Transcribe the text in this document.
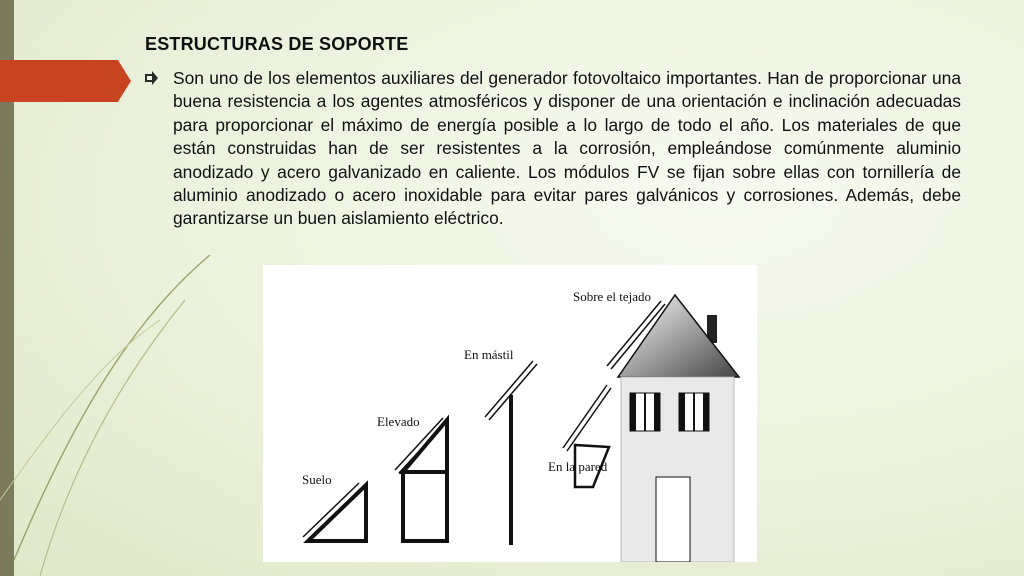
ESTRUCTURAS DE SOPORTE
Son uno de los elementos auxiliares del generador fotovoltaico importantes. Han de proporcionar una buena resistencia a los agentes atmosféricos y disponer de una orientación e inclinación adecuadas para proporcionar el máximo de energía posible a lo largo de todo el año. Los materiales de que están construidas han de ser resistentes a la corrosión, empleándose comúnmente aluminio anodizado y acero galvanizado en caliente. Los módulos FV se fijan sobre ellas con tornillería de aluminio anodizado o acero inoxidable para evitar pares galvánicos y corrosiones. Además, debe garantizarse un buen aislamiento eléctrico.
Suelo
Elevado
En mástil
En la pared
Sobre el tejado
